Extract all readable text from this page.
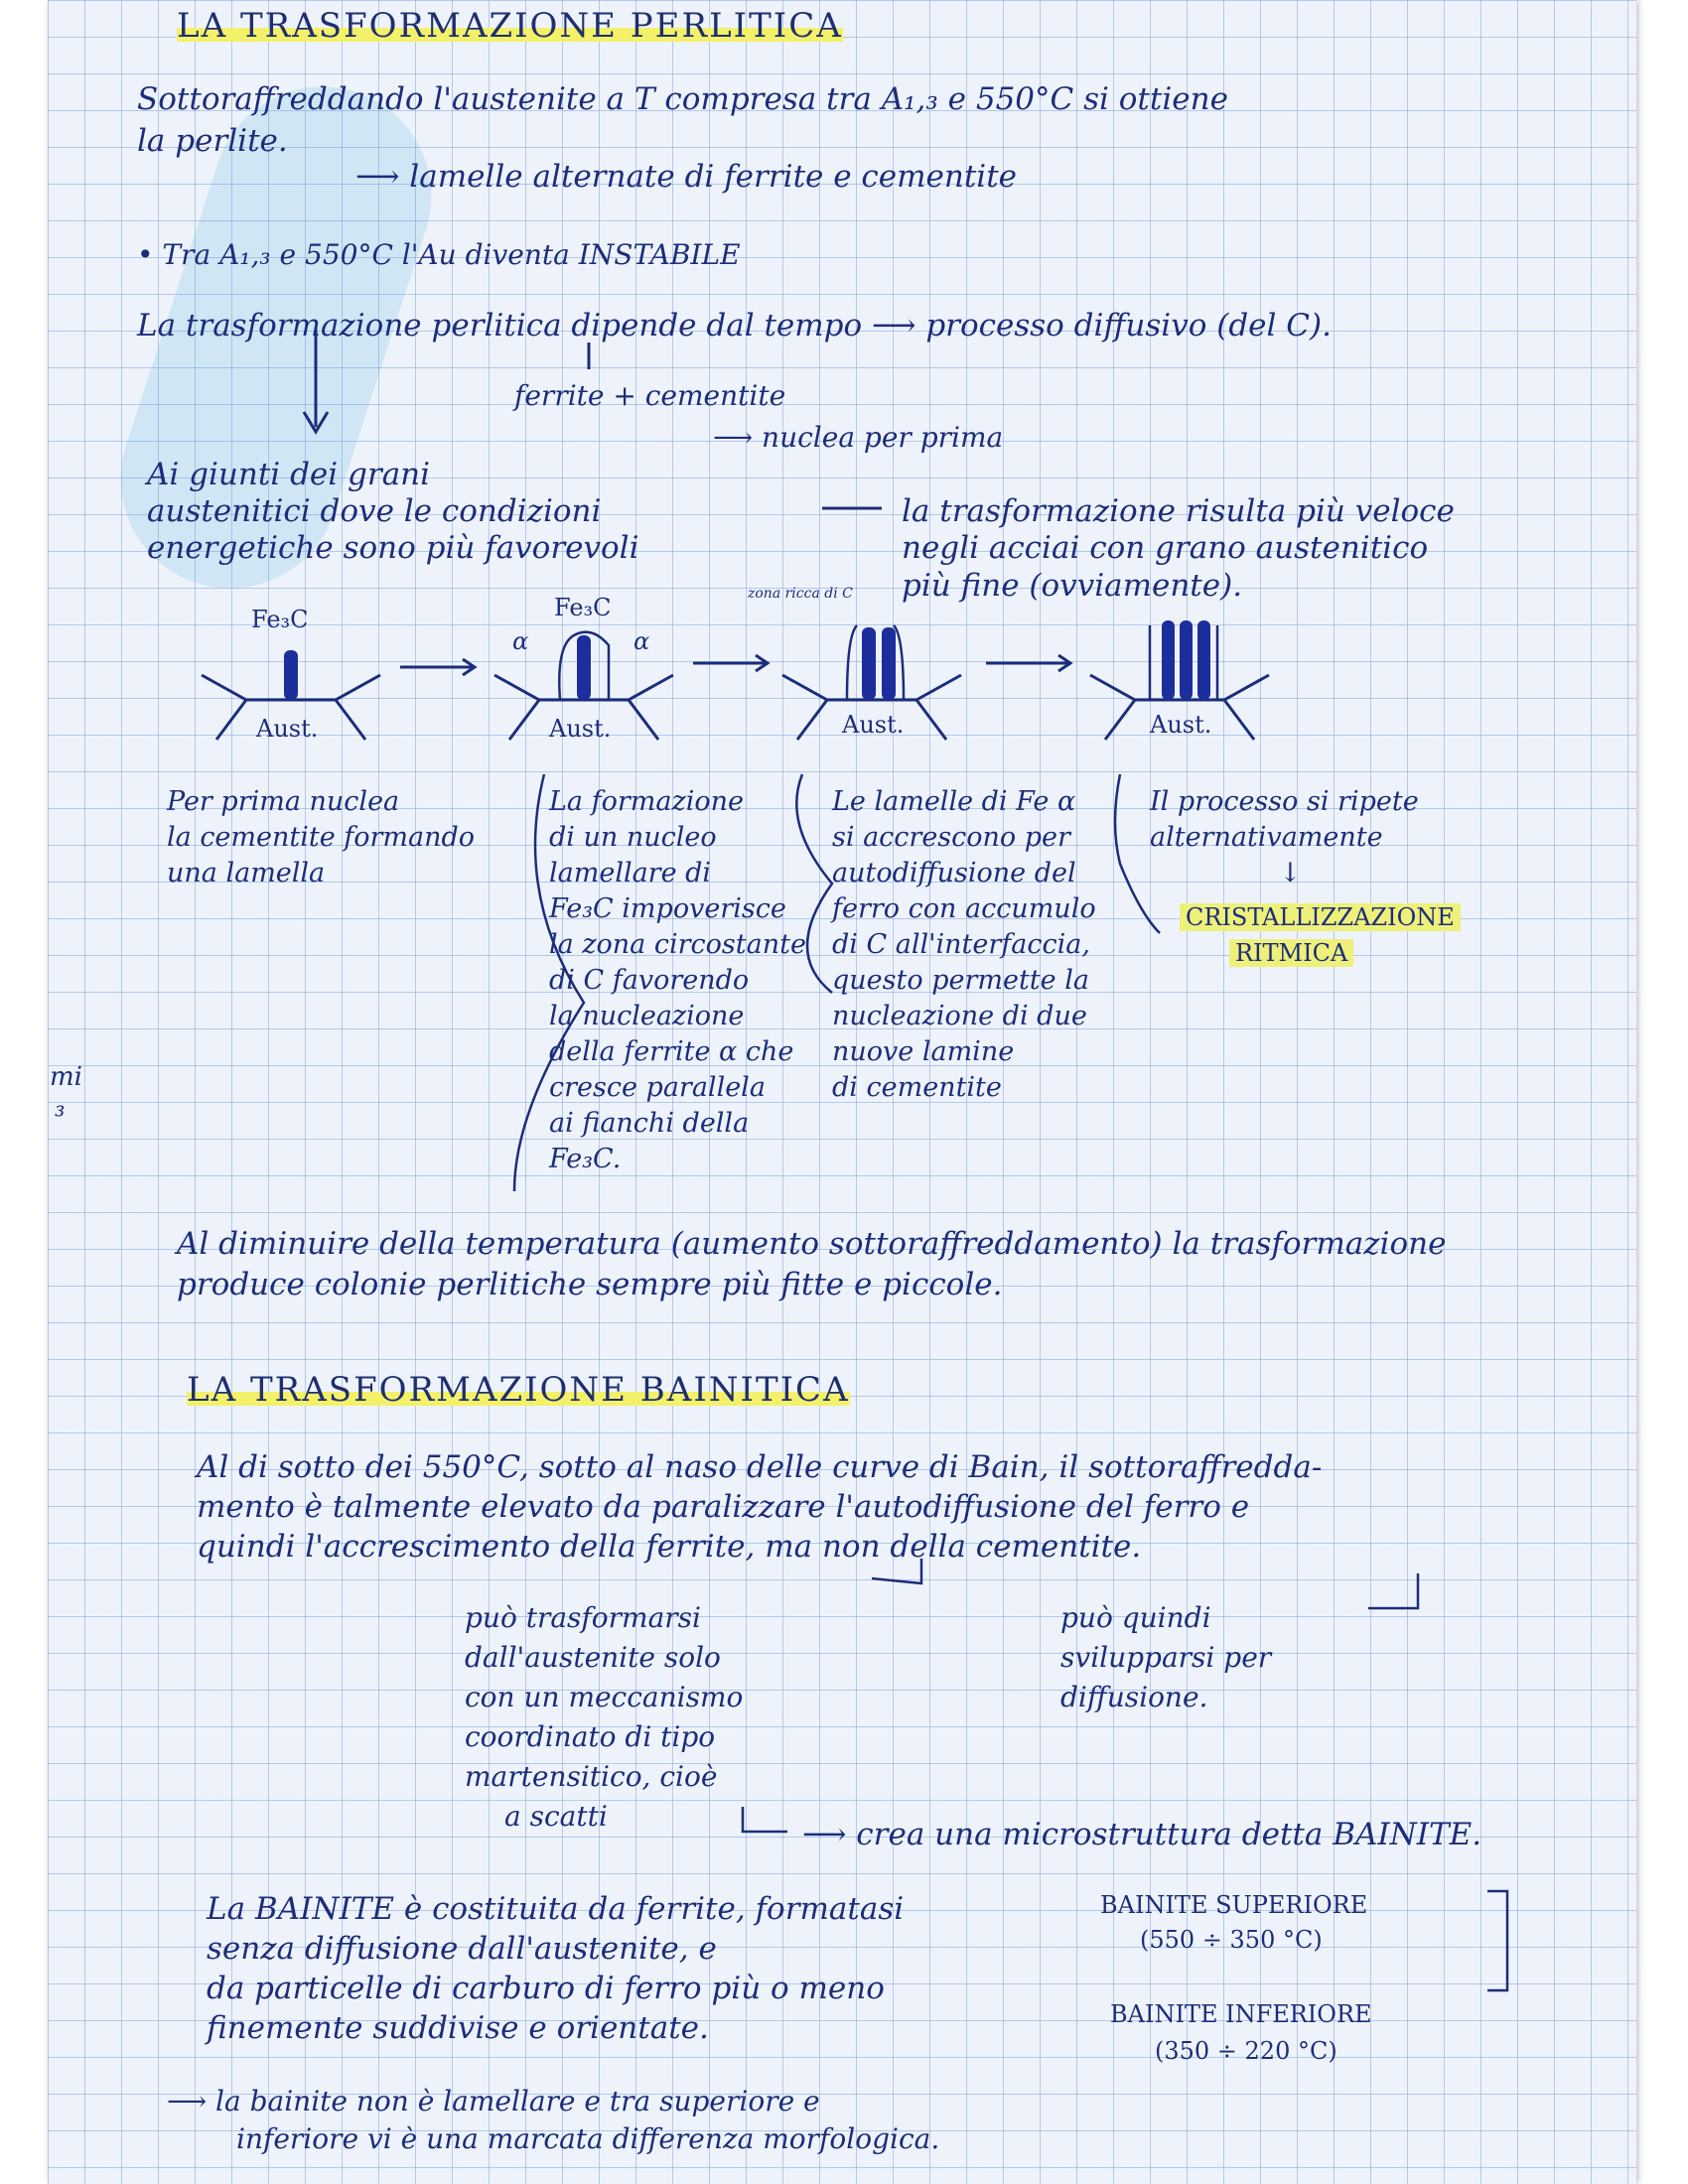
LA TRASFORMAZIONE PERLITICA
Sottoraffreddando l'austenite a T compresa tra A₁,₃ e 550°C si ottiene
la perlite.
⟶ lamelle alternate di ferrite e cementite
• Tra A₁,₃ e 550°C l'Au diventa INSTABILE
La trasformazione perlitica dipende dal tempo ⟶ processo diffusivo (del C).
ferrite + cementite
⟶ nuclea per prima
Ai giunti dei grani
austenitici dove le condizioni
energetiche sono più favorevoli
la trasformazione risulta più veloce
negli acciai con grano austenitico
più fine (ovviamente).
Fe₃C	Fe₃C	zona ricca di C
α	α
Aust.	Aust.	Aust.	Aust.
Per prima nuclea
la cementite formando
una lamella
La formazione
di un nucleo
lamellare di
Fe₃C impoverisce
la zona circostante
di C favorendo
la nucleazione
della ferrite α che
cresce parallela
ai fianchi della
Fe₃C.
Le lamelle di Fe α
si accrescono per
autodiffusione del
ferro con accumulo
di C all'interfaccia,
questo permette la
nucleazione di due
nuove lamine
di cementite
Il processo si ripete
alternativamente
↓
CRISTALLIZZAZIONE
RITMICA
Al diminuire della temperatura (aumento sottoraffreddamento) la trasformazione
produce colonie perlitiche sempre più fitte e piccole.
LA TRASFORMAZIONE BAINITICA
Al di sotto dei 550°C, sotto al naso delle curve di Bain, il sottoraffredda-
mento è talmente elevato da paralizzare l'autodiffusione del ferro e
quindi l'accrescimento della ferrite, ma non della cementite.
può trasformarsi
dall'austenite solo
con un meccanismo
coordinato di tipo
martensitico, cioè
a scatti
può quindi
svilupparsi per
diffusione.
⟶ crea una microstruttura detta BAINITE.
La BAINITE è costituita da ferrite, formatasi
senza diffusione dall'austenite, e
da particelle di carburo di ferro più o meno
finemente suddivise e orientate.
BAINITE SUPERIORE
(550 ÷ 350 °C)
BAINITE INFERIORE
(350 ÷ 220 °C)
⟶ la bainite non è lamellare e tra superiore e
inferiore vi è una marcata differenza morfologica.
mi
³
